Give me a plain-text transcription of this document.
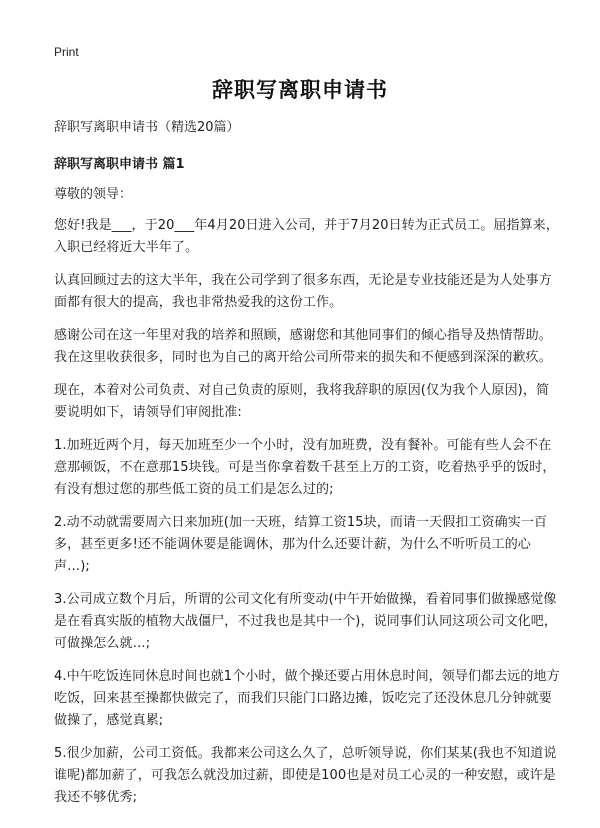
Print
辞职写离职申请书

辞职写离职申请书（精选20篇）

辞职写离职申请书 篇1

尊敬的领导：

您好!我是___，于20___年4月20日进入公司，并于7月20日转为正式员工。屈指算来，入职已经将近大半年了。

认真回顾过去的这大半年，我在公司学到了很多东西，无论是专业技能还是为人处事方面都有很大的提高，我也非常热爱我的这份工作。

感谢公司在这一年里对我的培养和照顾，感谢您和其他同事们的倾心指导及热情帮助。我在这里收获很多，同时也为自己的离开给公司所带来的损失和不便感到深深的歉疚。

现在，本着对公司负责、对自己负责的原则，我将我辞职的原因(仅为我个人原因)，简要说明如下，请领导们审阅批准:

1.加班近两个月，每天加班至少一个小时，没有加班费，没有餐补。可能有些人会不在意那顿饭，不在意那15块钱。可是当你拿着数千甚至上万的工资，吃着热乎乎的饭时，有没有想过您的那些低工资的员工们是怎么过的;

2.动不动就需要周六日来加班(加一天班，结算工资15块，而请一天假扣工资确实一百多，甚至更多!还不能调休要是能调休，那为什么还要计薪，为什么不听听员工的心声…);

3.公司成立数个月后，所谓的公司文化有所变动(中午开始做操，看着同事们做操感觉像是在看真实版的植物大战僵尸，不过我也是其中一个)，说同事们认同这项公司文化吧，可做操怎么就…;

4.中午吃饭连同休息时间也就1个小时，做个操还要占用休息时间，领导们都去远的地方吃饭，回来甚至操都快做完了，而我们只能门口路边摊，饭吃完了还没休息几分钟就要做操了，感觉真累;

5.很少加薪，公司工资低。我都来公司这么久了，总听领导说，你们某某(我也不知道说谁呢)都加薪了，可我怎么就没加过薪，即使是100也是对员工心灵的一种安慰，或许是我还不够优秀;
